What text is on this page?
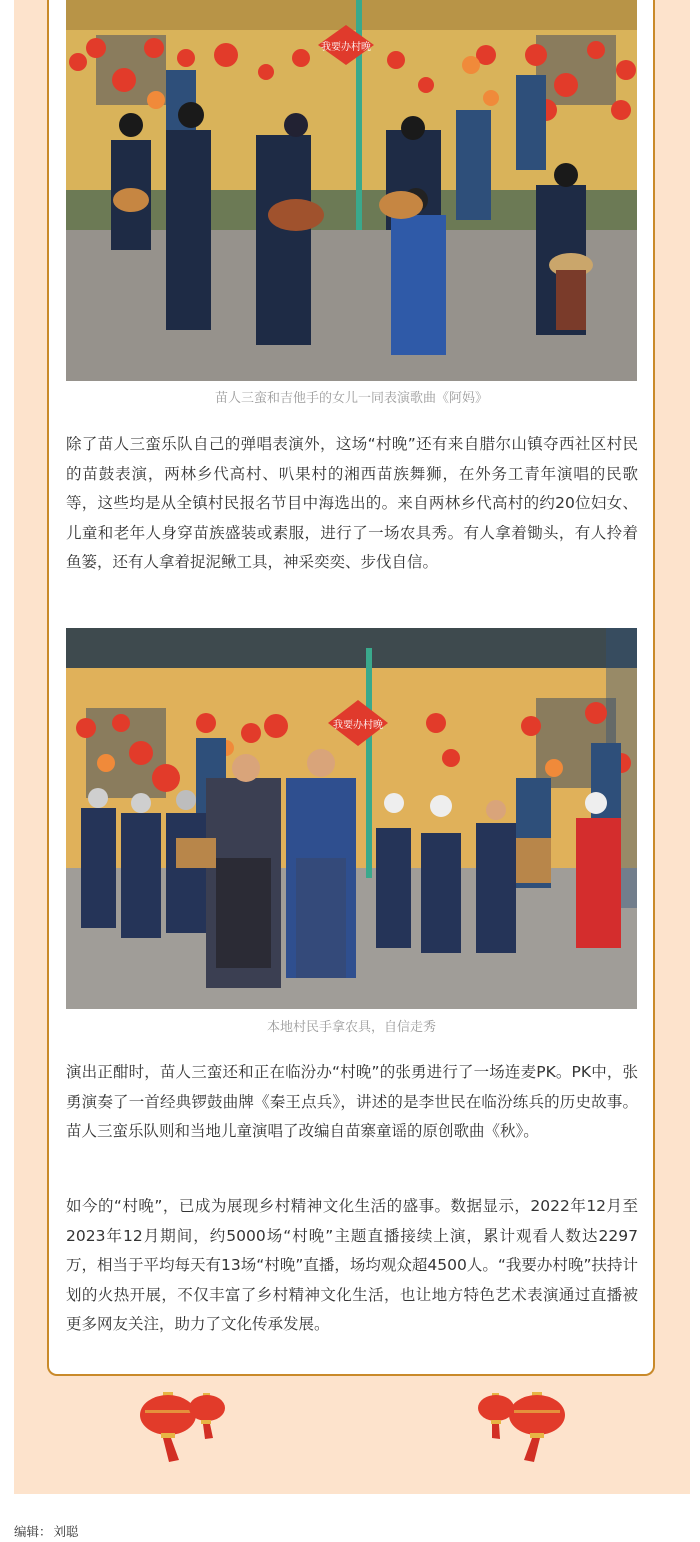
我要办村晚
苗人三蛮和吉他手的女儿一同表演歌曲《阿妈》

除了苗人三蛮乐队自己的弹唱表演外，这场“村晚”还有来自腊尔山镇夺西社区村民的苗鼓表演，两林乡代高村、叭果村的湘西苗族舞狮，在外务工青年演唱的民歌等，这些均是从全镇村民报名节目中海选出的。来自两林乡代高村的约20位妇女、儿童和老年人身穿苗族盛装或素服，进行了一场农具秀。有人拿着锄头，有人拎着鱼篓，还有人拿着捉泥鳅工具，神采奕奕、步伐自信。

我要办村晚
本地村民手拿农具，自信走秀

演出正酣时，苗人三蛮还和正在临汾办“村晚”的张勇进行了一场连麦PK。PK中，张勇演奏了一首经典锣鼓曲牌《秦王点兵》，讲述的是李世民在临汾练兵的历史故事。苗人三蛮乐队则和当地儿童演唱了改编自苗寨童谣的原创歌曲《秋》。

如今的“村晚”，已成为展现乡村精神文化生活的盛事。数据显示，2022年12月至2023年12月期间，约5000场“村晚”主题直播接续上演，累计观看人数达2297万，相当于平均每天有13场“村晚”直播，场均观众超4500人。“我要办村晚”扶持计划的火热开展，不仅丰富了乡村精神文化生活，也让地方特色艺术表演通过直播被更多网友关注，助力了文化传承发展。

编辑： 刘聪
